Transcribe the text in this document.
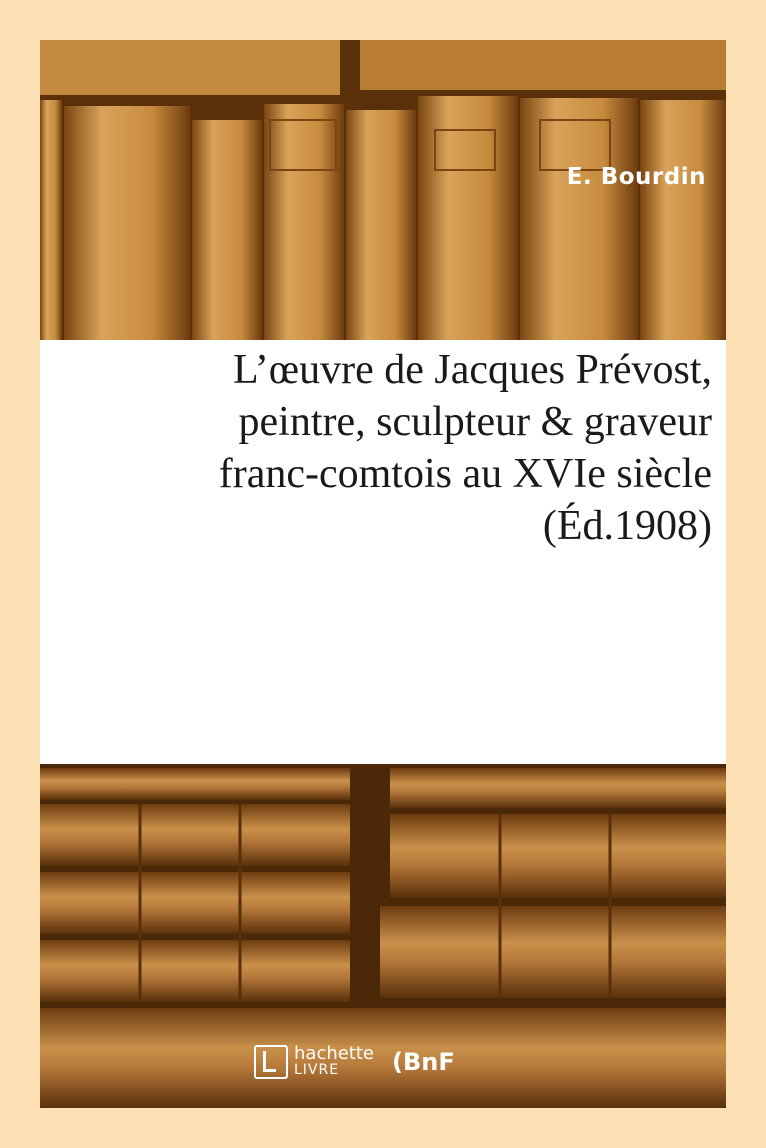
E. Bourdin
L’œuvre de Jacques Prévost,
peintre, sculpteur & graveur
franc-comtois au XVIe siècle
(Éd.1908)
hachette
LIVRE	(BnF
